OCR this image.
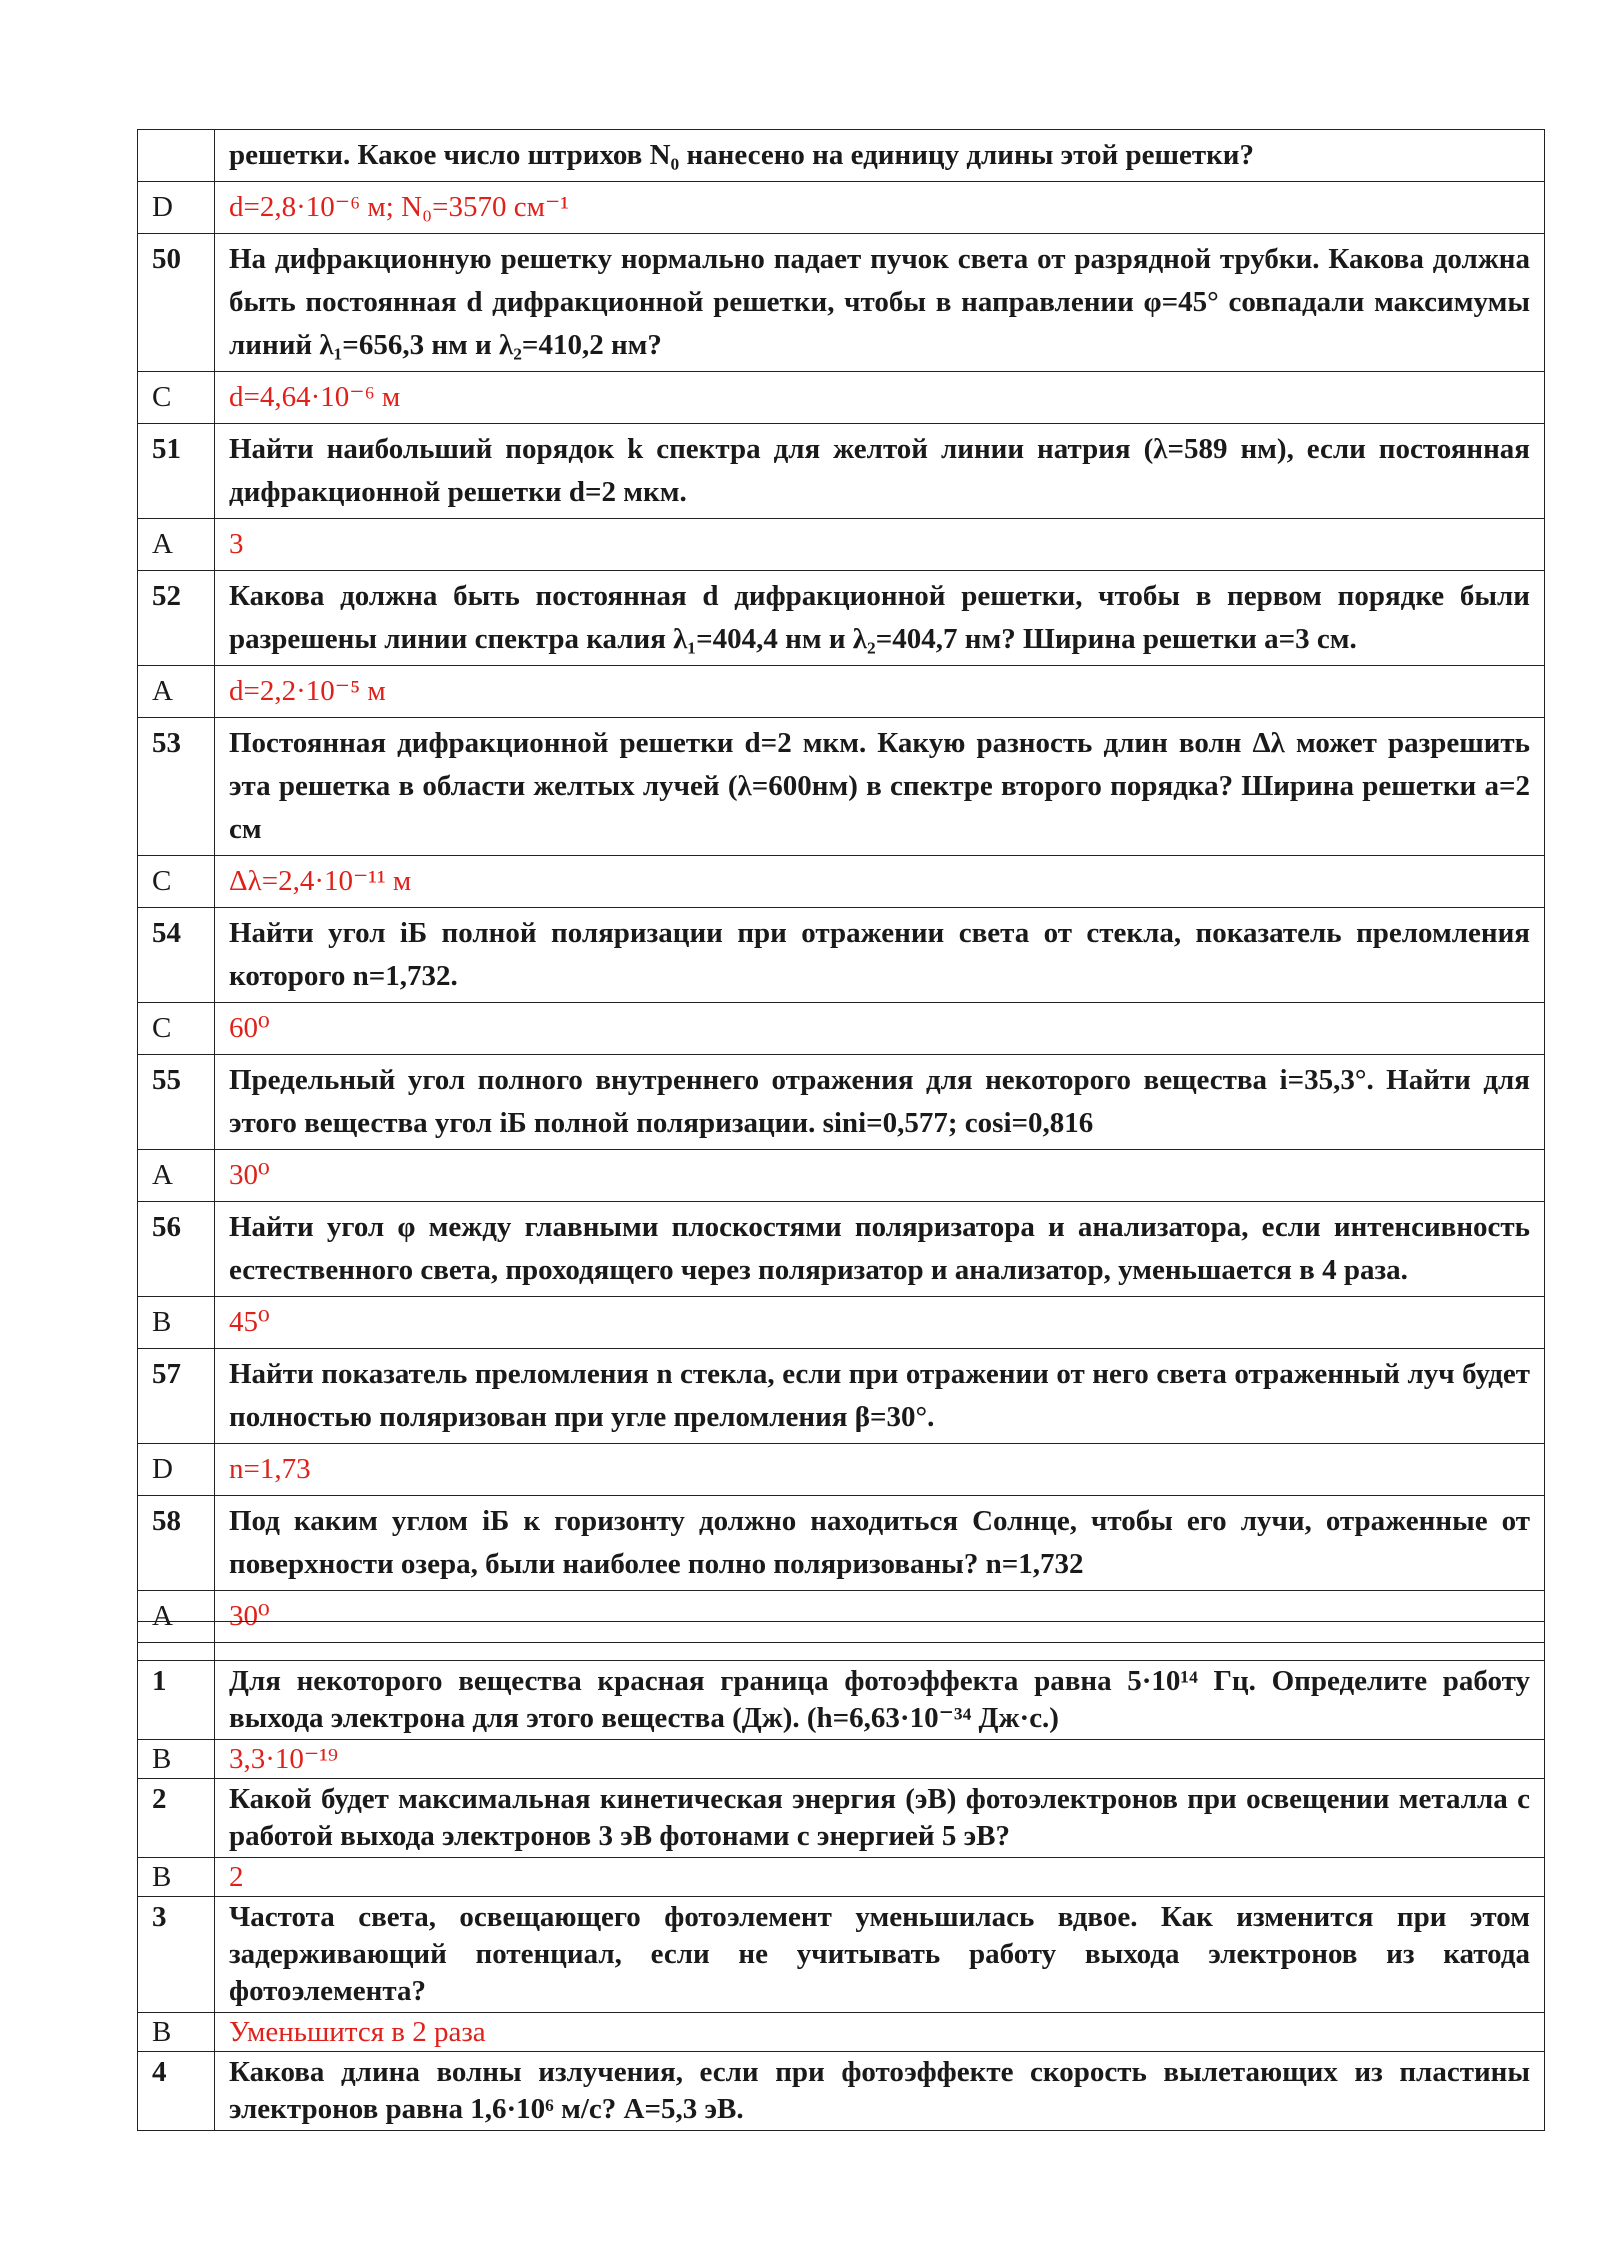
	решетки. Какое число штрихов N₀ нанесено на единицу длины этой решетки?
D	d=2,8·10⁻⁶ м; N₀=3570 см⁻¹
50	На дифракционную решетку нормально падает пучок света от разрядной трубки. Какова должна быть постоянная d дифракционной решетки, чтобы в направлении φ=45° совпадали максимумы линий λ₁=656,3 нм и λ₂=410,2 нм?
C	d=4,64·10⁻⁶ м
51	Найти наибольший порядок k спектра для желтой линии натрия (λ=589 нм), если постоянная дифракционной решетки d=2 мкм.
A	3
52	Какова должна быть постоянная d дифракционной решетки, чтобы в первом порядке были разрешены линии спектра калия λ₁=404,4 нм и λ₂=404,7 нм? Ширина решетки a=3 см.
A	d=2,2·10⁻⁵ м
53	Постоянная дифракционной решетки d=2 мкм. Какую разность длин волн Δλ может разрешить эта решетка в области желтых лучей (λ=600нм) в спектре второго порядка? Ширина решетки a=2 см
C	Δλ=2,4·10⁻¹¹ м
54	Найти угол iБ полной поляризации при отражении света от стекла, показатель преломления которого n=1,732.
C	60⁰
55	Предельный угол полного внутреннего отражения для некоторого вещества i=35,3°. Найти для этого вещества угол iБ полной поляризации. sini=0,577; cosi=0,816
A	30⁰
56	Найти угол φ между главными плоскостями поляризатора и анализатора, если интенсивность естественного света, проходящего через поляризатор и анализатор, уменьшается в 4 раза.
B	45⁰
57	Найти показатель преломления n стекла, если при отражении от него света отраженный луч будет полностью поляризован при угле преломления β=30°.
D	n=1,73
58	Под каким углом iБ к горизонту должно находиться Солнце, чтобы его лучи, отраженные от поверхности озера, были наиболее полно поляризованы? n=1,732
A	30⁰

1	Для некоторого вещества красная граница фотоэффекта равна 5·10¹⁴ Гц. Определите работу выхода электрона для этого вещества (Дж). (h=6,63·10⁻³⁴ Дж·с.)
B	3,3·10⁻¹⁹
2	Какой будет максимальная кинетическая энергия (эВ) фотоэлектронов при освещении металла с работой выхода электронов 3 эВ фотонами с энергией 5 эВ?
B	2
3	Частота света, освещающего фотоэлемент уменьшилась вдвое. Как изменится при этом задерживающий потенциал, если не учитывать работу выхода электронов из катода фотоэлемента?
B	Уменьшится в 2 раза
4	Какова длина волны излучения, если при фотоэффекте скорость вылетающих из пластины электронов равна 1,6·10⁶ м/с? A=5,3 эВ.
